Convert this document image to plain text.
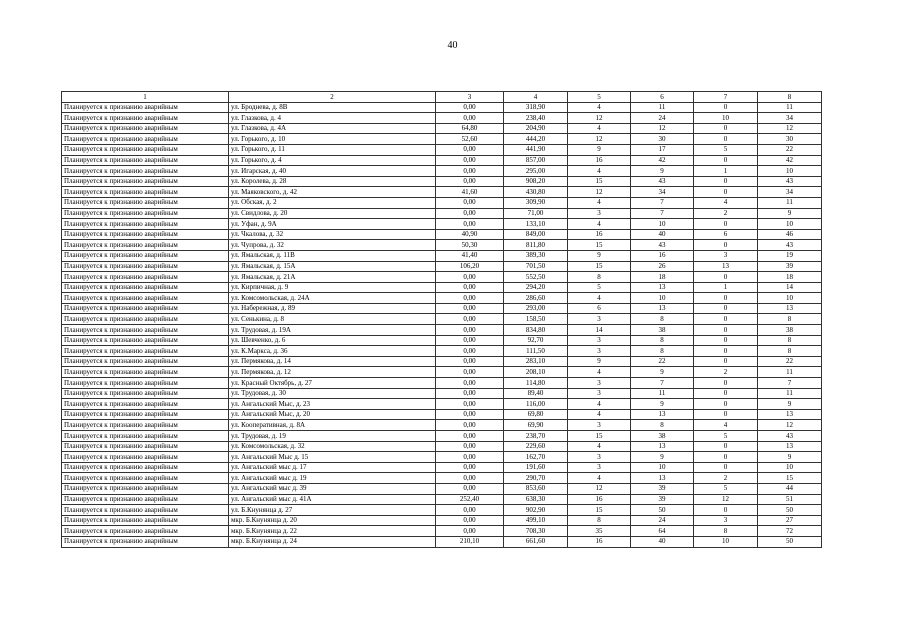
40
1	2	3	4	5	6	7	8
Планируется к признанию аварийным	ул. Броднева, д. 8В	0,00	318,90	4	11	0	11
Планируется к признанию аварийным	ул. Глазкова, д. 4	0,00	238,40	12	24	10	34
Планируется к признанию аварийным	ул. Глазкова, д. 4А	64,80	204,90	4	12	0	12
Планируется к признанию аварийным	ул. Горького, д. 10	52,60	444,20	12	30	0	30
Планируется к признанию аварийным	ул. Горького, д. 11	0,00	441,90	9	17	5	22
Планируется к признанию аварийным	ул. Горького, д. 4	0,00	857,00	16	42	0	42
Планируется к признанию аварийным	ул. Игарская, д. 40	0,00	295,00	4	9	1	10
Планируется к признанию аварийным	ул. Королева, д. 28	0,00	908,20	15	43	0	43
Планируется к признанию аварийным	ул. Маяковского, д. 42	41,60	430,80	12	34	0	34
Планируется к признанию аварийным	ул. Обская, д. 2	0,00	309,90	4	7	4	11
Планируется к признанию аварийным	ул. Свидлова, д. 20	0,00	71,00	3	7	2	9
Планируется к признанию аварийным	ул. Уфан, д. 9А	0,00	133,10	4	10	0	10
Планируется к признанию аварийным	ул. Чкалова, д. 32	40,90	849,00	16	40	6	46
Планируется к признанию аварийным	ул. Чупрова, д. 32	50,30	811,80	15	43	0	43
Планируется к признанию аварийным	ул. Ямальская, д. 11В	41,40	389,30	9	16	3	19
Планируется к признанию аварийным	ул. Ямальская, д. 15А	106,20	701,50	15	26	13	39
Планируется к признанию аварийным	ул. Ямальская, д. 21А	0,00	552,50	8	18	0	18
Планируется к признанию аварийным	ул. Кирпичная, д. 9	0,00	294,20	5	13	1	14
Планируется к признанию аварийным	ул. Комсомольская, д. 24А	0,00	286,60	4	10	0	10
Планируется к признанию аварийным	ул. Набережная, д. 89	0,00	293,00	6	13	0	13
Планируется к признанию аварийным	ул. Сенькина, д. 8	0,00	158,50	3	8	0	8
Планируется к признанию аварийным	ул. Трудовая, д. 19А	0,00	834,80	14	38	0	38
Планируется к признанию аварийным	ул. Шевченко, д. 6	0,00	92,70	3	8	0	8
Планируется к признанию аварийным	ул. К.Маркса, д. 36	0,00	111,50	3	8	0	8
Планируется к признанию аварийным	ул. Пермякова, д. 14	0,00	283,10	9	22	0	22
Планируется к признанию аварийным	ул. Пермякова, д. 12	0,00	208,10	4	9	2	11
Планируется к признанию аварийным	ул. Красный Октябрь, д. 27	0,00	114,80	3	7	0	7
Планируется к признанию аварийным	ул. Трудовая, д. 30	0,00	89,40	3	11	0	11
Планируется к признанию аварийным	ул. Ангальский Мыс, д. 23	0,00	116,00	4	9	0	9
Планируется к признанию аварийным	ул. Ангальский Мыс, д. 20	0,00	69,80	4	13	0	13
Планируется к признанию аварийным	ул. Кооперативная, д. 8А	0,00	69,90	3	8	4	12
Планируется к признанию аварийным	ул. Трудовая, д. 19	0,00	238,70	15	38	5	43
Планируется к признанию аварийным	ул. Комсомольская, д. 32	0,00	229,60	4	13	0	13
Планируется к признанию аварийным	ул. Ангальский Мыс д. 15	0,00	162,70	3	9	0	9
Планируется к признанию аварийным	ул. Ангальский мыс д. 17	0,00	191,60	3	10	0	10
Планируется к признанию аварийным	ул. Ангальский мыс д. 19	0,00	290,70	4	13	2	15
Планируется к признанию аварийным	ул. Ангальский мыс д. 39	0,00	853,60	12	39	5	44
Планируется к признанию аварийным	ул. Ангальский мыс д. 41А	252,40	638,30	16	39	12	51
Планируется к признанию аварийным	ул. Б.Кнунянца д. 27	0,00	902,90	15	50	0	50
Планируется к признанию аварийным	мкр. Б.Кнунянца д. 20	0,00	499,10	8	24	3	27
Планируется к признанию аварийным	мкр. Б.Кнунянца д. 22	0,00	708,30	35	64	8	72
Планируется к признанию аварийным	мкр. Б.Кнунянца д. 24	210,10	661,60	16	40	10	50
